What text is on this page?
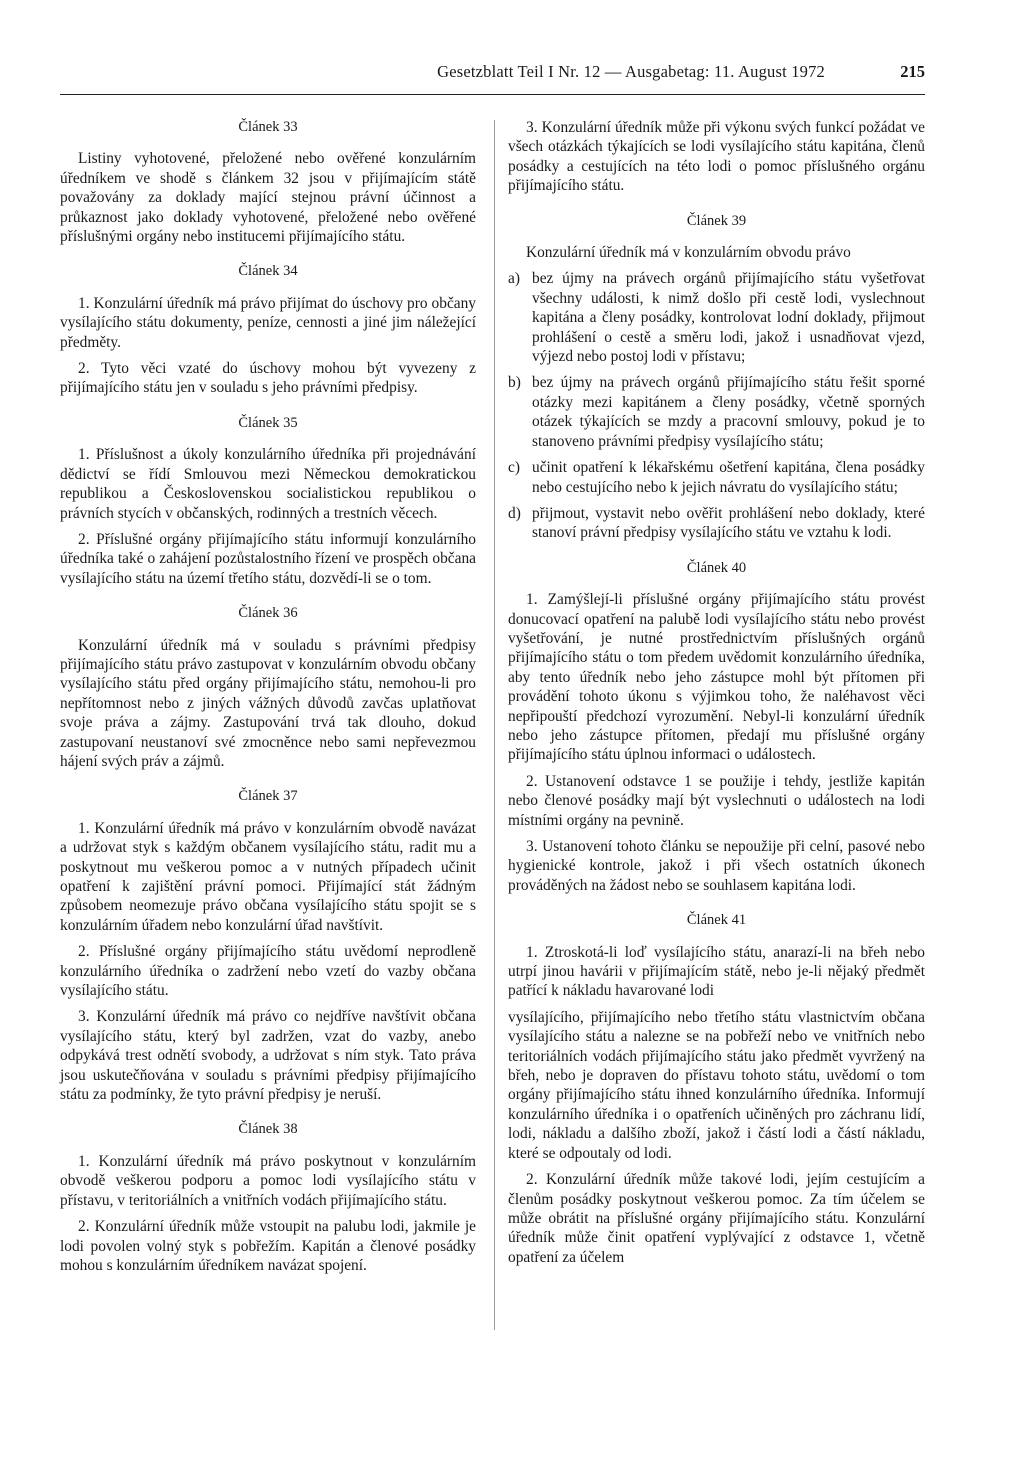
Gesetzblatt Teil I Nr. 12 — Ausgabetag: 11. August 1972	215
Článek 33

Listiny vyhotovené, přeložené nebo ověřené konzulárním úředníkem ve shodě s článkem 32 jsou v přijímajícím státě považovány za doklady mající stejnou právní účinnost a průkaznost jako doklady vyhotovené, přeložené nebo ověřené příslušnými orgány nebo institucemi přijímajícího státu.

Článek 34

1. Konzulární úředník má právo přijímat do úschovy pro občany vysílajícího státu dokumenty, peníze, cennosti a jiné jim náležející předměty.

2. Tyto věci vzaté do úschovy mohou být vyvezeny z přijímajícího státu jen v souladu s jeho právními předpisy.

Článek 35

1. Příslušnost a úkoly konzulárního úředníka při projednávání dědictví se řídí Smlouvou mezi Německou demokratickou republikou a Československou socialistickou republikou o právních stycích v občanských, rodinných a trestních věcech.

2. Příslušné orgány přijímajícího státu informují konzulárního úředníka také o zahájení pozůstalostního řízení ve prospěch občana vysílajícího státu na území třetího státu, dozvědí-li se o tom.

Článek 36

Konzulární úředník má v souladu s právními předpisy přijímajícího státu právo zastupovat v konzulárním obvodu občany vysílajícího státu před orgány přijímajícího státu, nemohou-li pro nepřítomnost nebo z jiných vážných důvodů zavčas uplatňovat svoje práva a zájmy. Zastupování trvá tak dlouho, dokud zastupovaní neustanoví své zmocněnce nebo sami nepřevezmou hájení svých práv a zájmů.

Článek 37

1. Konzulární úředník má právo v konzulárním obvodě navázat a udržovat styk s každým občanem vysílajícího státu, radit mu a poskytnout mu veškerou pomoc a v nutných případech učinit opatření k zajištění právní pomoci. Přijímající stát žádným způsobem neomezuje právo občana vysílajícího státu spojit se s konzulárním úřadem nebo konzulární úřad navštívit.

2. Příslušné orgány přijímajícího státu uvědomí neprodleně konzulárního úředníka o zadržení nebo vzetí do vazby občana vysílajícího státu.

3. Konzulární úředník má právo co nejdříve navštívit občana vysílajícího státu, který byl zadržen, vzat do vazby, anebo odpykává trest odnětí svobody, a udržovat s ním styk. Tato práva jsou uskutečňována v souladu s právními předpisy přijímajícího státu za podmínky, že tyto právní předpisy je neruší.

Článek 38

1. Konzulární úředník má právo poskytnout v konzulárním obvodě veškerou podporu a pomoc lodi vysílajícího státu v přístavu, v teritoriálních a vnitřních vodách přijímajícího státu.

2. Konzulární úředník může vstoupit na palubu lodi, jakmile je lodi povolen volný styk s pobřežím. Kapitán a členové posádky mohou s konzulárním úředníkem navázat spojení.

3. Konzulární úředník může při výkonu svých funkcí požádat ve všech otázkách týkajících se lodi vysílajícího státu kapitána, členů posádky a cestujících na této lodi o pomoc příslušného orgánu přijímajícího státu.

Článek 39

Konzulární úředník má v konzulárním obvodu právo

a) bez újmy na právech orgánů přijímajícího státu vyšetřovat všechny události, k nimž došlo při cestě lodi, vyslechnout kapitána a členy posádky, kontrolovat lodní doklady, přijmout prohlášení o cestě a směru lodi, jakož i usnadňovat vjezd, výjezd nebo postoj lodi v přístavu;
b) bez újmy na právech orgánů přijímajícího státu řešit sporné otázky mezi kapitánem a členy posádky, včetně sporných otázek týkajících se mzdy a pracovní smlouvy, pokud je to stanoveno právními předpisy vysílajícího státu;
c) učinit opatření k lékařskému ošetření kapitána, člena posádky nebo cestujícího nebo k jejich návratu do vysílajícího státu;
d) přijmout, vystavit nebo ověřit prohlášení nebo doklady, které stanoví právní předpisy vysílajícího státu ve vztahu k lodi.
Článek 40

1. Zamýšlejí-li příslušné orgány přijímajícího státu provést donucovací opatření na palubě lodi vysílajícího státu nebo provést vyšetřování, je nutné prostřednictvím příslušných orgánů přijímajícího státu o tom předem uvědomit konzulárního úředníka, aby tento úředník nebo jeho zástupce mohl být přítomen při provádění tohoto úkonu s výjimkou toho, že naléhavost věci nepřipouští předchozí vyrozumění. Nebyl-li konzulární úředník nebo jeho zástupce přítomen, předají mu příslušné orgány přijímajícího státu úplnou informaci o událostech.

2. Ustanovení odstavce 1 se použije i tehdy, jestliže kapitán nebo členové posádky mají být vyslechnuti o událostech na lodi místními orgány na pevnině.

3. Ustanovení tohoto článku se nepoužije při celní, pasové nebo hygienické kontrole, jakož i při všech ostatních úkonech prováděných na žádost nebo se souhlasem kapitána lodi.

Článek 41

1. Ztroskotá-li loď vysílajícího státu, anarazí-li na břeh nebo utrpí jinou havárii v přijímajícím státě, nebo je-li nějaký předmět patřící k nákladu havarované lodi

vysílajícího, přijímajícího nebo třetího státu vlastnictvím občana vysílajícího státu a nalezne se na pobřeží nebo ve vnitřních nebo teritoriálních vodách přijímajícího státu jako předmět vyvržený na břeh, nebo je dopraven do přístavu tohoto státu, uvědomí o tom orgány přijímajícího státu ihned konzulárního úředníka. Informují konzulárního úředníka i o opatřeních učiněných pro záchranu lidí, lodi, nákladu a dalšího zboží, jakož i částí lodi a částí nákladu, které se odpoutaly od lodi.

2. Konzulární úředník může takové lodi, jejím cestujícím a členům posádky poskytnout veškerou pomoc. Za tím účelem se může obrátit na příslušné orgány přijímajícího státu. Konzulární úředník může činit opatření vyplývající z odstavce 1, včetně opatření za účelem
